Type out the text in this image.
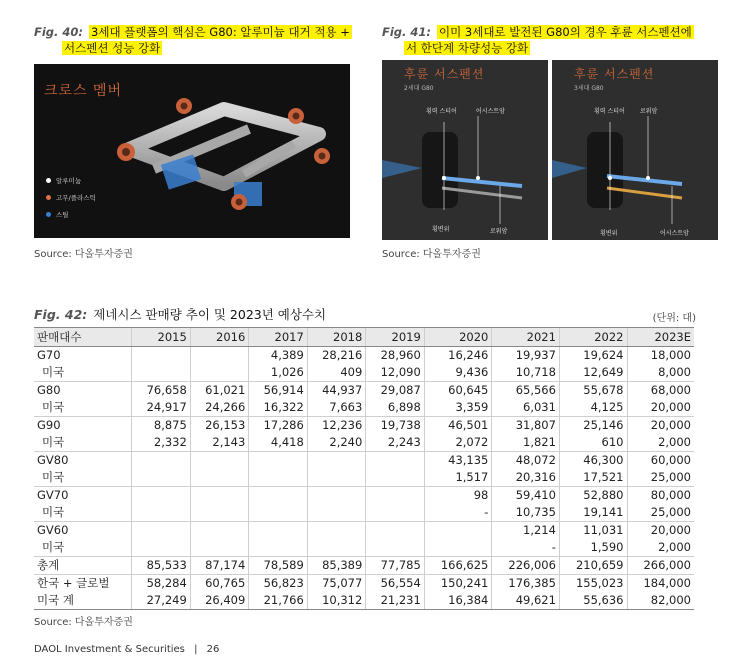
Fig. 40: 3세대 플랫폼의 핵심은 G80: 알루미늄 대거 적용 +
서스펜션 성능 강화
크로스 멤버
알루미늄
고무/플라스틱
스틸
Source: 다올투자증권
Fig. 41: 이미 3세대로 발전된 G80의 경우 후륜 서스펜션에
서 한단계 차량성능 강화
후륜 서스펜션
2세대 G80
횡력 스티어	어시스트암
횡변위	로워암
후륜 서스펜션
3세대 G80
횡력 스티어	로워암
횡변위	어시스트암
Source: 다올투자증권
Fig. 42: 제네시스 판매량 추이 및 2023년 예상수치	(단위: 대)
판매대수	2015	2016	2017	2018	2019	2020	2021	2022	2023E
G70			4,389	28,216	28,960	16,246	19,937	19,624	18,000
미국			1,026	409	12,090	9,436	10,718	12,649	8,000
G80	76,658	61,021	56,914	44,937	29,087	60,645	65,566	55,678	68,000
미국	24,917	24,266	16,322	7,663	6,898	3,359	6,031	4,125	20,000
G90	8,875	26,153	17,286	12,236	19,738	46,501	31,807	25,146	20,000
미국	2,332	2,143	4,418	2,240	2,243	2,072	1,821	610	2,000
GV80						43,135	48,072	46,300	60,000
미국						1,517	20,316	17,521	25,000
GV70						98	59,410	52,880	80,000
미국						-	10,735	19,141	25,000
GV60							1,214	11,031	20,000
미국							-	1,590	2,000
총계	85,533	87,174	78,589	85,389	77,785	166,625	226,006	210,659	266,000
한국 + 글로벌	58,284	60,765	56,823	75,077	56,554	150,241	176,385	155,023	184,000
미국 계	27,249	26,409	21,766	10,312	21,231	16,384	49,621	55,636	82,000
Source: 다올투자증권
DAOL Investment & Securities | 26
